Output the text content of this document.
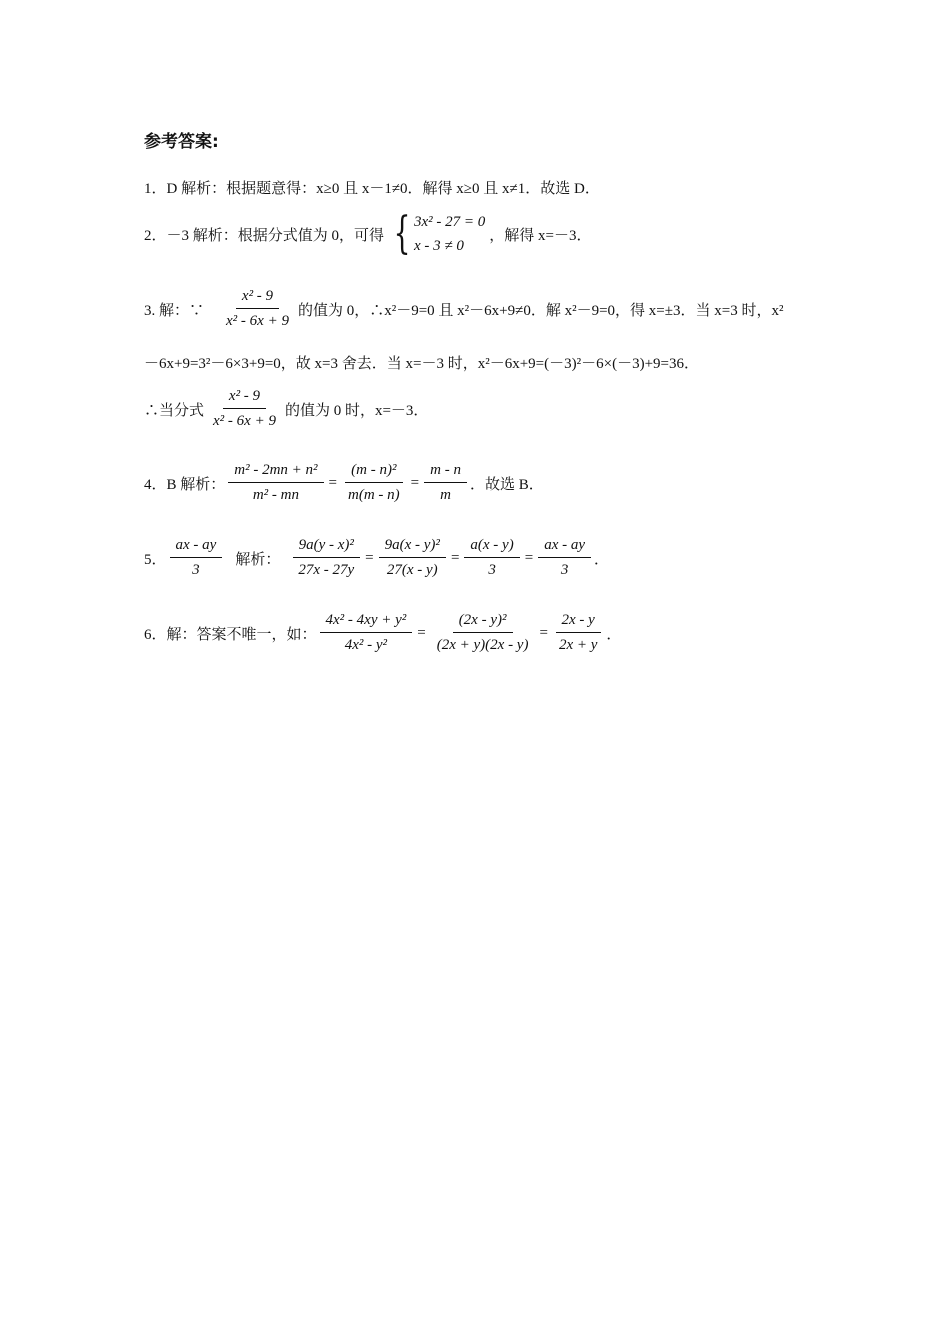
参考答案:
1．D 解析：根据题意得：x≥0 且 x－1≠0．解得 x≥0 且 x≠1．故选 D．
2．－3 解析：根据分式值为 0，可得 { 3x² - 27 = 0
x - 3 ≠ 0
，解得 x=－3．
3. 解：∵ $\frac{\text{x² - 9}}{\text{x² - 6x + 9}}$ 的值为 0，∴x²－9=0 且 x²－6x+9≠0．解 x²－9=0，得 x=±3．当 x=3 时，x²
－6x+9=3²－6×3+9=0，故 x=3 舍去．当 x=－3 时，x²－6x+9=(－3)²－6×(－3)+9=36．
∴当分式 $\frac{\text{x² - 9}}{\text{x² - 6x + 9}}$ 的值为 0 时，x=－3．
4．B 解析： $\frac{\text{m² - 2mn + n²}}{\text{m² - mn}} = \frac{\text{(m - n)²}}{m(m - n)} = \frac{m - n}{m}$ ．故选 B．
5． $\frac{ax - ay}{3}$ 解析： $\frac{\text{9a(y - x)²}}{27x - 27y} = \frac{\text{9a(x - y)²}}{27(x - y)} = \frac{a(x - y)}{3} = \frac{ax - ay}{3}$ ．
6．解：答案不唯一，如： $\frac{\text{4x² - 4xy + y²}}{\text{4x² - y²}} = \frac{\text{(2x - y)²}}{(2x + y)(2x - y)} = \frac{2x - y}{2x + y}$ ．
